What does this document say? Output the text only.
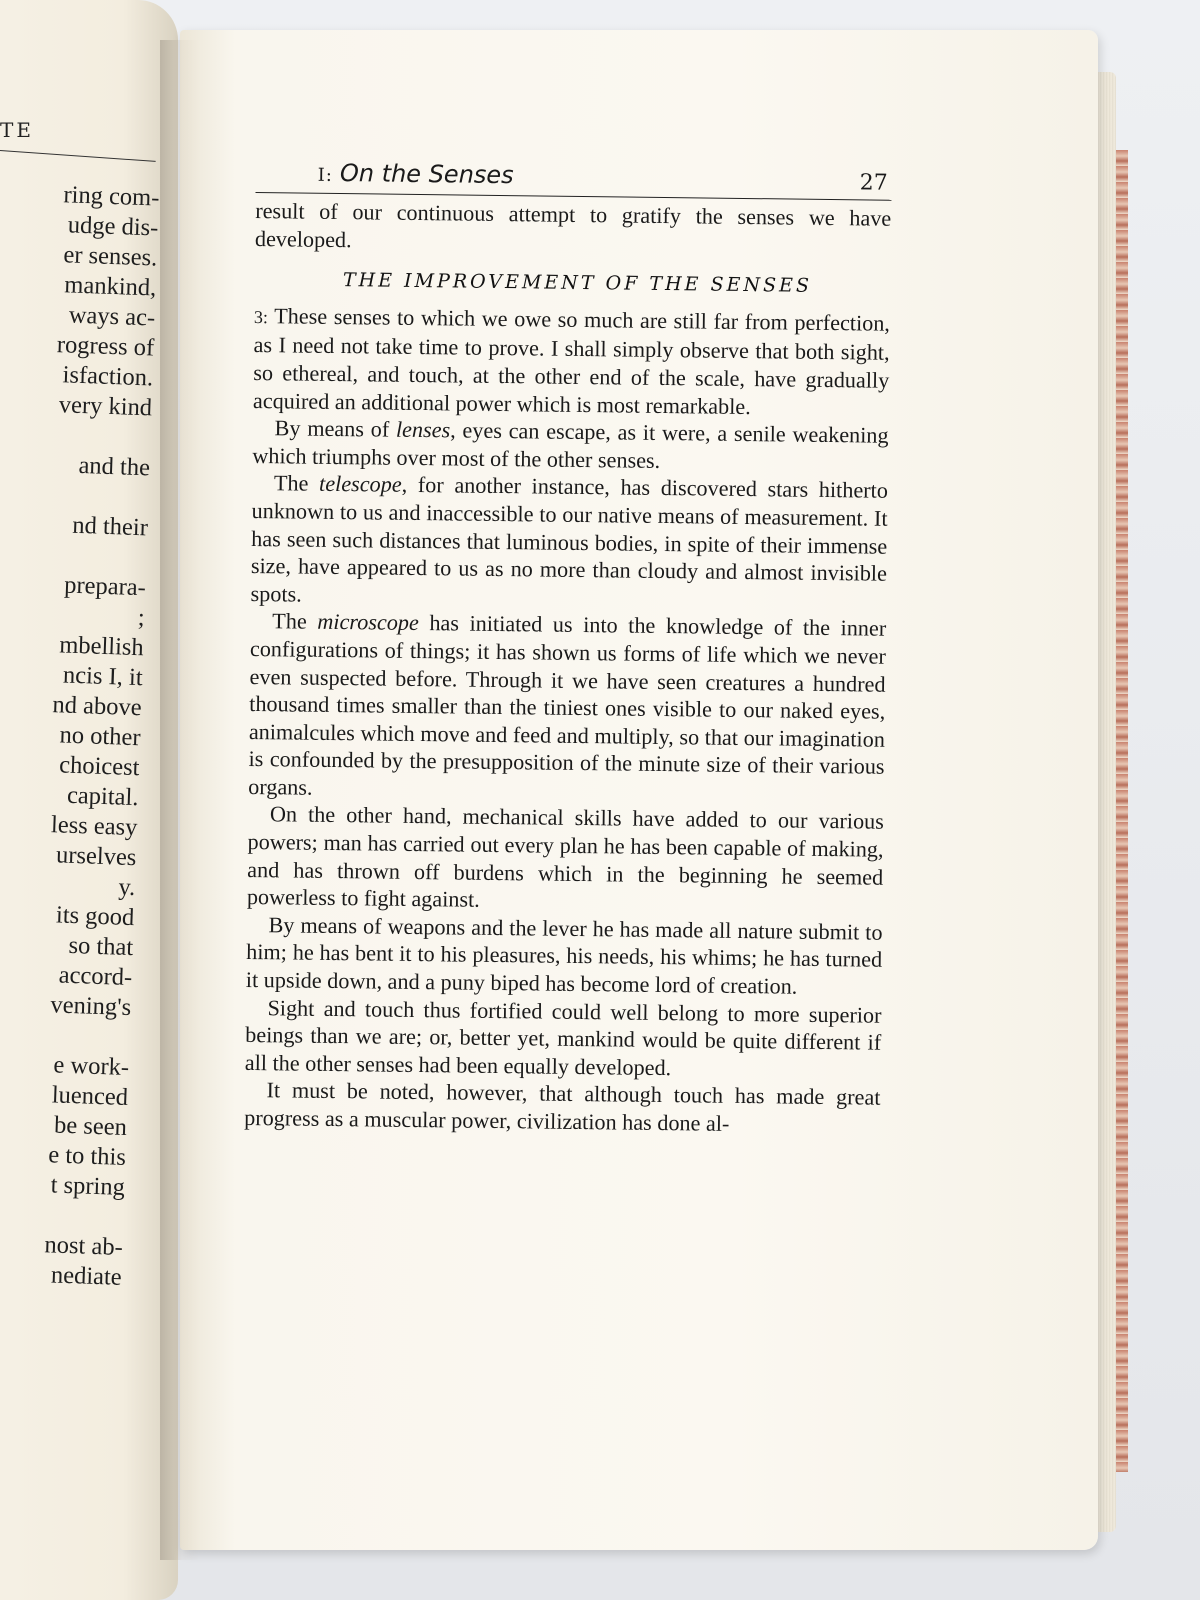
TE
ring com-
udge dis-
er senses.
mankind,
ways ac-
rogress of
isfaction.
very kind
and the
nd their
prepara-
;
mbellish
ncis I, it
nd above
no other
choicest
capital.
less easy
urselves
y.
its good
so that
accord-
vening's
e work-
luenced
be seen
e to this
t spring
nost ab-
nediate
I: On the Senses	27

result of our continuous attempt to gratify the senses we have developed.

THE IMPROVEMENT OF THE SENSES

3: These senses to which we owe so much are still far from perfection, as I need not take time to prove. I shall simply observe that both sight, so ethereal, and touch, at the other end of the scale, have gradually acquired an additional power which is most remarkable.

By means of lenses, eyes can escape, as it were, a senile weakening which triumphs over most of the other senses.

The telescope, for another instance, has discovered stars hitherto unknown to us and inaccessible to our native means of measurement. It has seen such distances that luminous bodies, in spite of their immense size, have appeared to us as no more than cloudy and almost invisible spots.

The microscope has initiated us into the knowledge of the inner configurations of things; it has shown us forms of life which we never even suspected before. Through it we have seen creatures a hundred thousand times smaller than the tiniest ones visible to our naked eyes, animalcules which move and feed and multiply, so that our imagination is confounded by the presupposition of the minute size of their various organs.

On the other hand, mechanical skills have added to our various powers; man has carried out every plan he has been capable of making, and has thrown off burdens which in the beginning he seemed powerless to fight against.

By means of weapons and the lever he has made all nature submit to him; he has bent it to his pleasures, his needs, his whims; he has turned it upside down, and a puny biped has become lord of creation.

Sight and touch thus fortified could well belong to more superior beings than we are; or, better yet, mankind would be quite different if all the other senses had been equally developed.

It must be noted, however, that although touch has made great progress as a muscular power, civilization has done al-
